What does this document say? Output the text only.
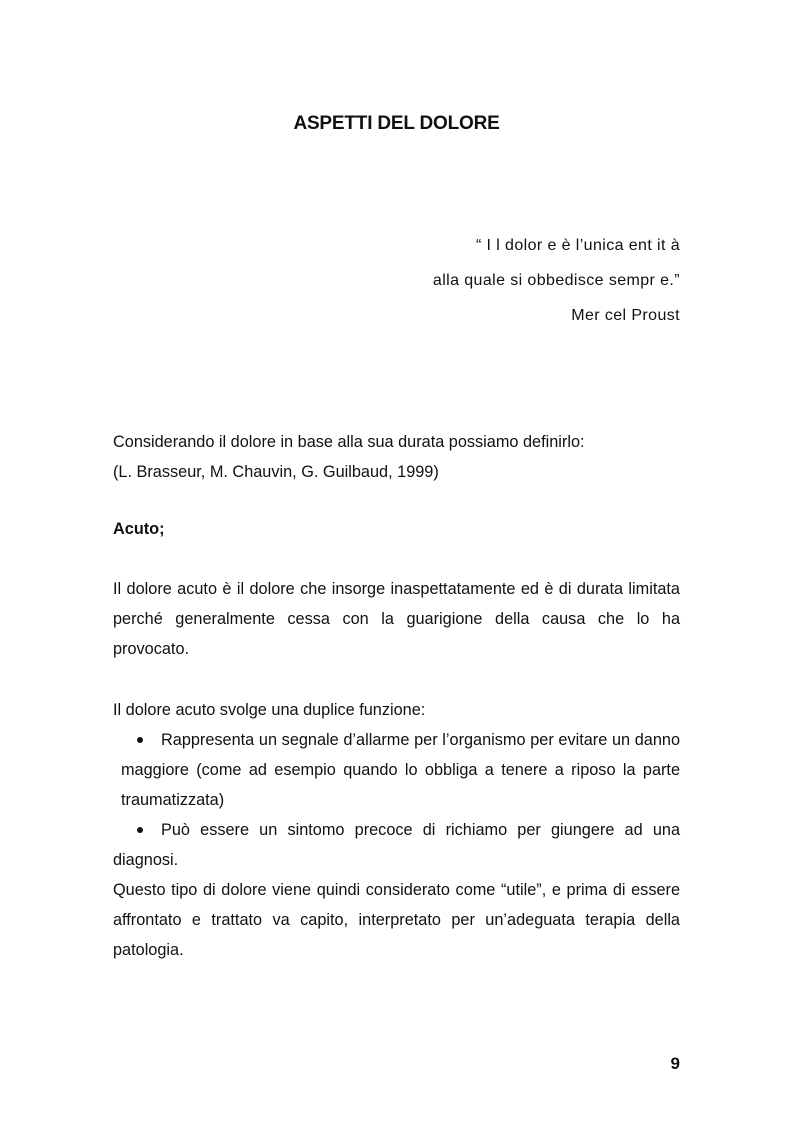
ASPETTI DEL DOLORE
“ I l dolor e è l’unica ent it à
alla quale si obbedisce sempr e.”
Mer cel Proust
Considerando il dolore in base alla sua durata possiamo definirlo:
(L. Brasseur, M. Chauvin, G. Guilbaud, 1999)
Acuto;
Il dolore acuto è il dolore che insorge inaspettatamente ed è di durata limitata perché generalmente cessa con la guarigione della causa che lo ha provocato.
Il dolore acuto svolge una duplice funzione:
Rappresenta un segnale d’allarme per l’organismo per evitare un danno maggiore (come ad esempio quando lo obbliga a tenere a riposo la parte traumatizzata)
Può essere un sintomo precoce di richiamo per giungere ad una diagnosi.
Questo tipo di dolore viene quindi considerato come “utile”, e prima di essere affrontato e trattato va capito, interpretato per un’adeguata terapia della patologia.
9
